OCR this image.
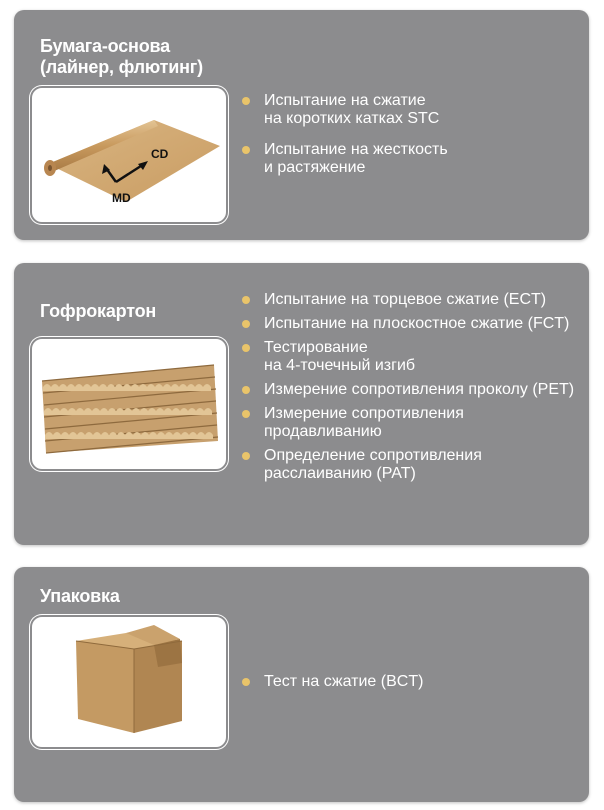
Бумага-основа
(лайнер, флютинг)
CD
MD
Испытание на сжатие
на коротких катках STC
Испытание на жесткость
и растяжение
Гофрокартон
Испытание на торцевое сжатие (ECT)
Испытание на плоскостное сжатие (FCT)
Тестирование
на 4-точечный изгиб
Измерение сопротивления проколу (PET)
Измерение сопротивления
продавливанию
Определение сопротивления
расслаиванию (PAT)
Упаковка
Тест на сжатие (BCT)
